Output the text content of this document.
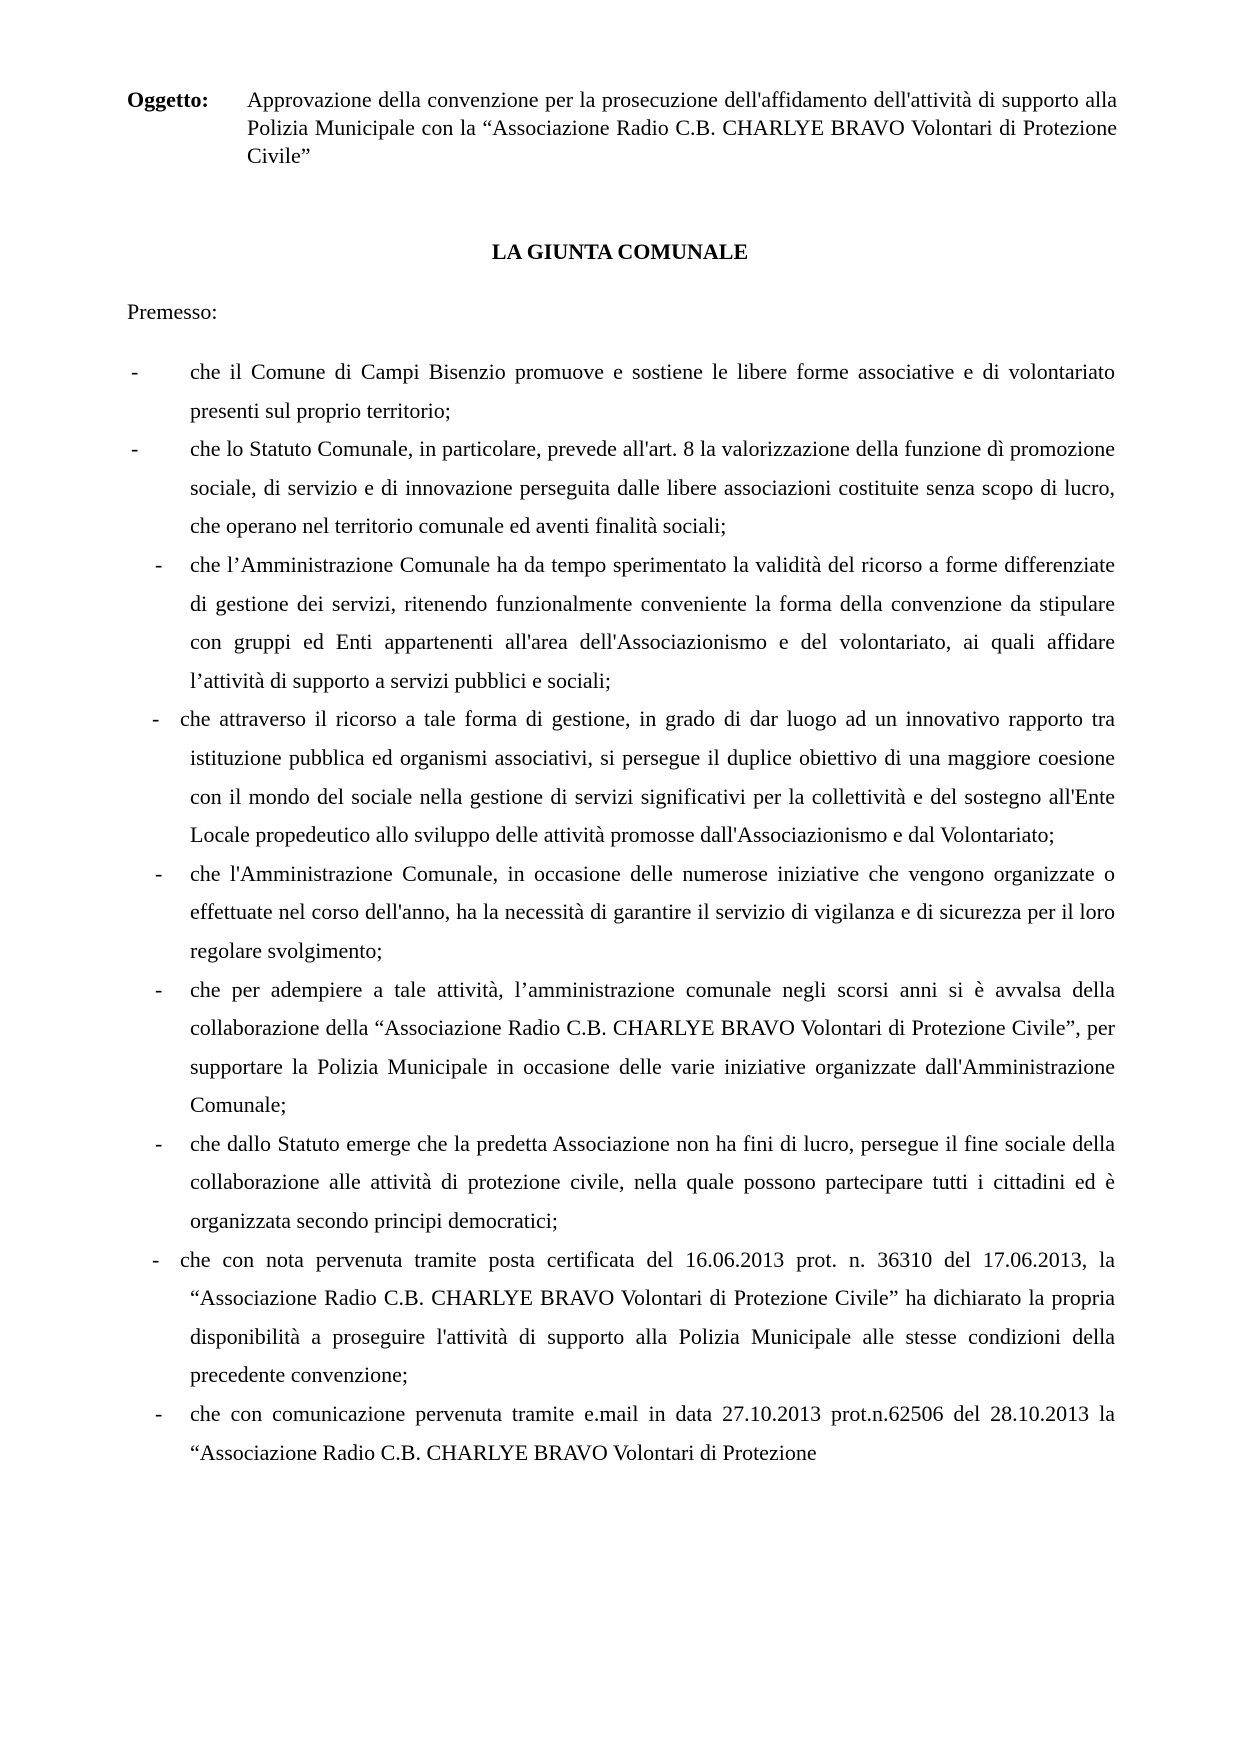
Oggetto: Approvazione della convenzione per la prosecuzione dell'affidamento dell'attività di supporto alla Polizia Municipale con la “Associazione Radio C.B. CHARLYE BRAVO Volontari di Protezione Civile”
LA GIUNTA COMUNALE
Premesso:
- che il Comune di Campi Bisenzio promuove e sostiene le libere forme associative e di volontariato presenti sul proprio territorio;
- che lo Statuto Comunale, in particolare, prevede all'art. 8 la valorizzazione della funzione dì promozione sociale, di servizio e di innovazione perseguita dalle libere associazioni costituite senza scopo di lucro, che operano nel territorio comunale ed aventi finalità sociali;
- che l’Amministrazione Comunale ha da tempo sperimentato la validità del ricorso a forme differenziate di gestione dei servizi, ritenendo funzionalmente conveniente la forma della convenzione da stipulare con gruppi ed Enti appartenenti all'area dell'Associazionismo e del volontariato, ai quali affidare l’attività di supporto a servizi pubblici e sociali;
- che attraverso il ricorso a tale forma di gestione, in grado di dar luogo ad un innovativo rapporto tra istituzione pubblica ed organismi associativi, si persegue il duplice obiettivo di una maggiore coesione con il mondo del sociale nella gestione di servizi significativi per la collettività e del sostegno all'Ente Locale propedeutico allo sviluppo delle attività promosse dall'Associazionismo e dal Volontariato;
- che l'Amministrazione Comunale, in occasione delle numerose iniziative che vengono organizzate o effettuate nel corso dell'anno, ha la necessità di garantire il servizio di vigilanza e di sicurezza per il loro regolare svolgimento;
- che per adempiere a tale attività, l’amministrazione comunale negli scorsi anni si è avvalsa della collaborazione della “Associazione Radio C.B. CHARLYE BRAVO Volontari di Protezione Civile”, per supportare la Polizia Municipale in occasione delle varie iniziative organizzate dall'Amministrazione Comunale;
- che dallo Statuto emerge che la predetta Associazione non ha fini di lucro, persegue il fine sociale della collaborazione alle attività di protezione civile, nella quale possono partecipare tutti i cittadini ed è organizzata secondo principi democratici;
- che con nota pervenuta tramite posta certificata del 16.06.2013 prot. n. 36310 del 17.06.2013, la “Associazione Radio C.B. CHARLYE BRAVO Volontari di Protezione Civile” ha dichiarato la propria disponibilità a proseguire l'attività di supporto alla Polizia Municipale alle stesse condizioni della precedente convenzione;
- che con comunicazione pervenuta tramite e.mail in data 27.10.2013 prot.n.62506 del 28.10.2013 la “Associazione Radio C.B. CHARLYE BRAVO Volontari di Protezione
